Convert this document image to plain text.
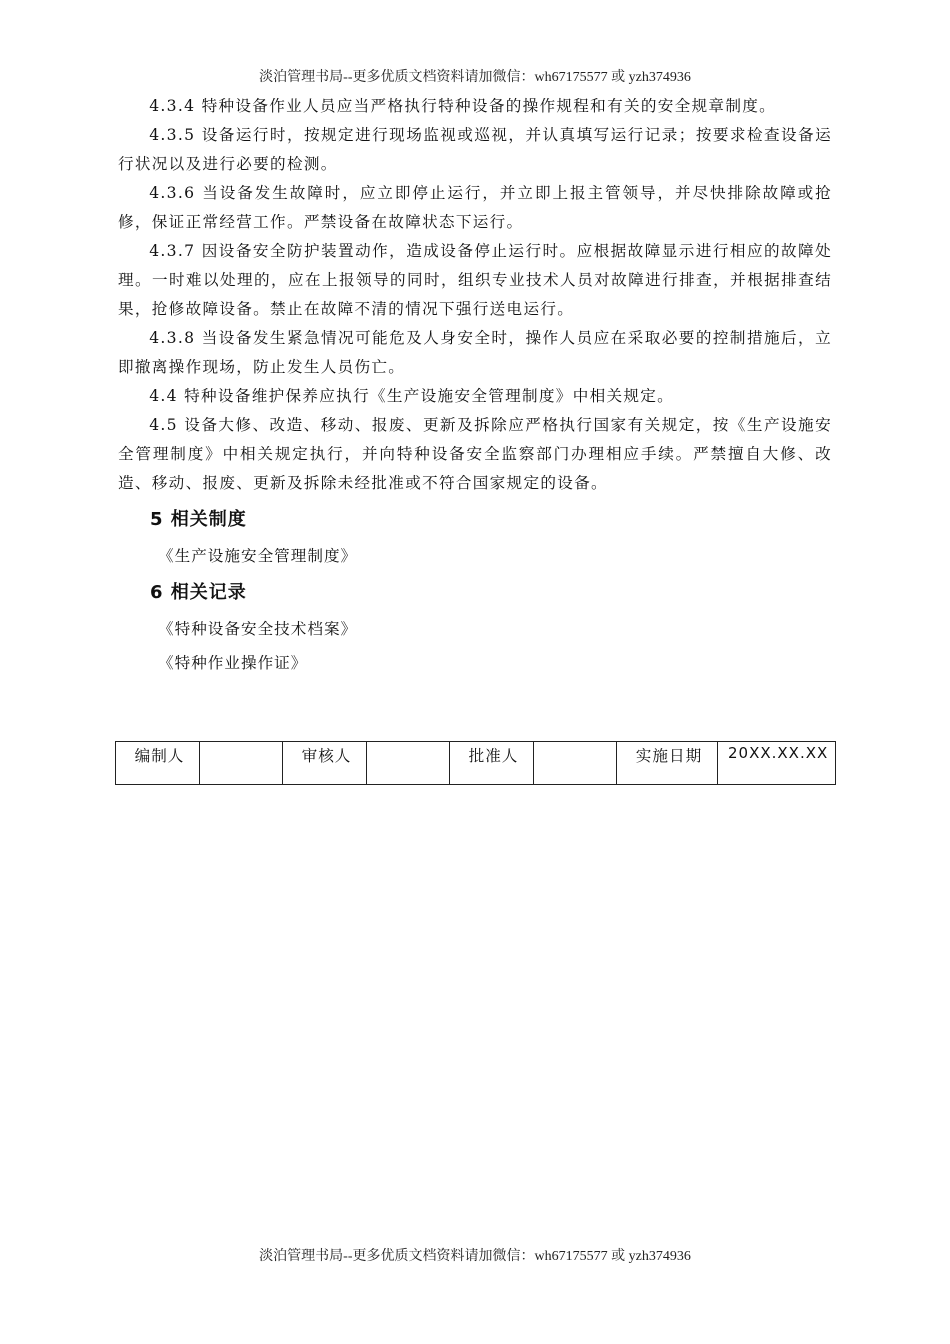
淡泊管理书局--更多优质文档资料请加微信：wh67175577 或 yzh374936

4.3.4 特种设备作业人员应当严格执行特种设备的操作规程和有关的安全规章制度。

4.3.5 设备运行时，按规定进行现场监视或巡视，并认真填写运行记录；按要求检查设备运行状况以及进行必要的检测。

4.3.6 当设备发生故障时，应立即停止运行，并立即上报主管领导，并尽快排除故障或抢修，保证正常经营工作。严禁设备在故障状态下运行。

4.3.7 因设备安全防护装置动作，造成设备停止运行时。应根据故障显示进行相应的故障处理。一时难以处理的，应在上报领导的同时，组织专业技术人员对故障进行排查，并根据排查结果，抢修故障设备。禁止在故障不清的情况下强行送电运行。

4.3.8 当设备发生紧急情况可能危及人身安全时，操作人员应在采取必要的控制措施后，立即撤离操作现场，防止发生人员伤亡。

4.4 特种设备维护保养应执行《生产设施安全管理制度》中相关规定。

4.5 设备大修、改造、移动、报废、更新及拆除应严格执行国家有关规定，按《生产设施安全管理制度》中相关规定执行，并向特种设备安全监察部门办理相应手续。严禁擅自大修、改造、移动、报废、更新及拆除未经批准或不符合国家规定的设备。

5 相关制度

《生产设施安全管理制度》

6 相关记录

《特种设备安全技术档案》

《特种作业操作证》

编制人		审核人		批准人		实施日期	20XX.XX.XX
淡泊管理书局--更多优质文档资料请加微信：wh67175577 或 yzh374936
